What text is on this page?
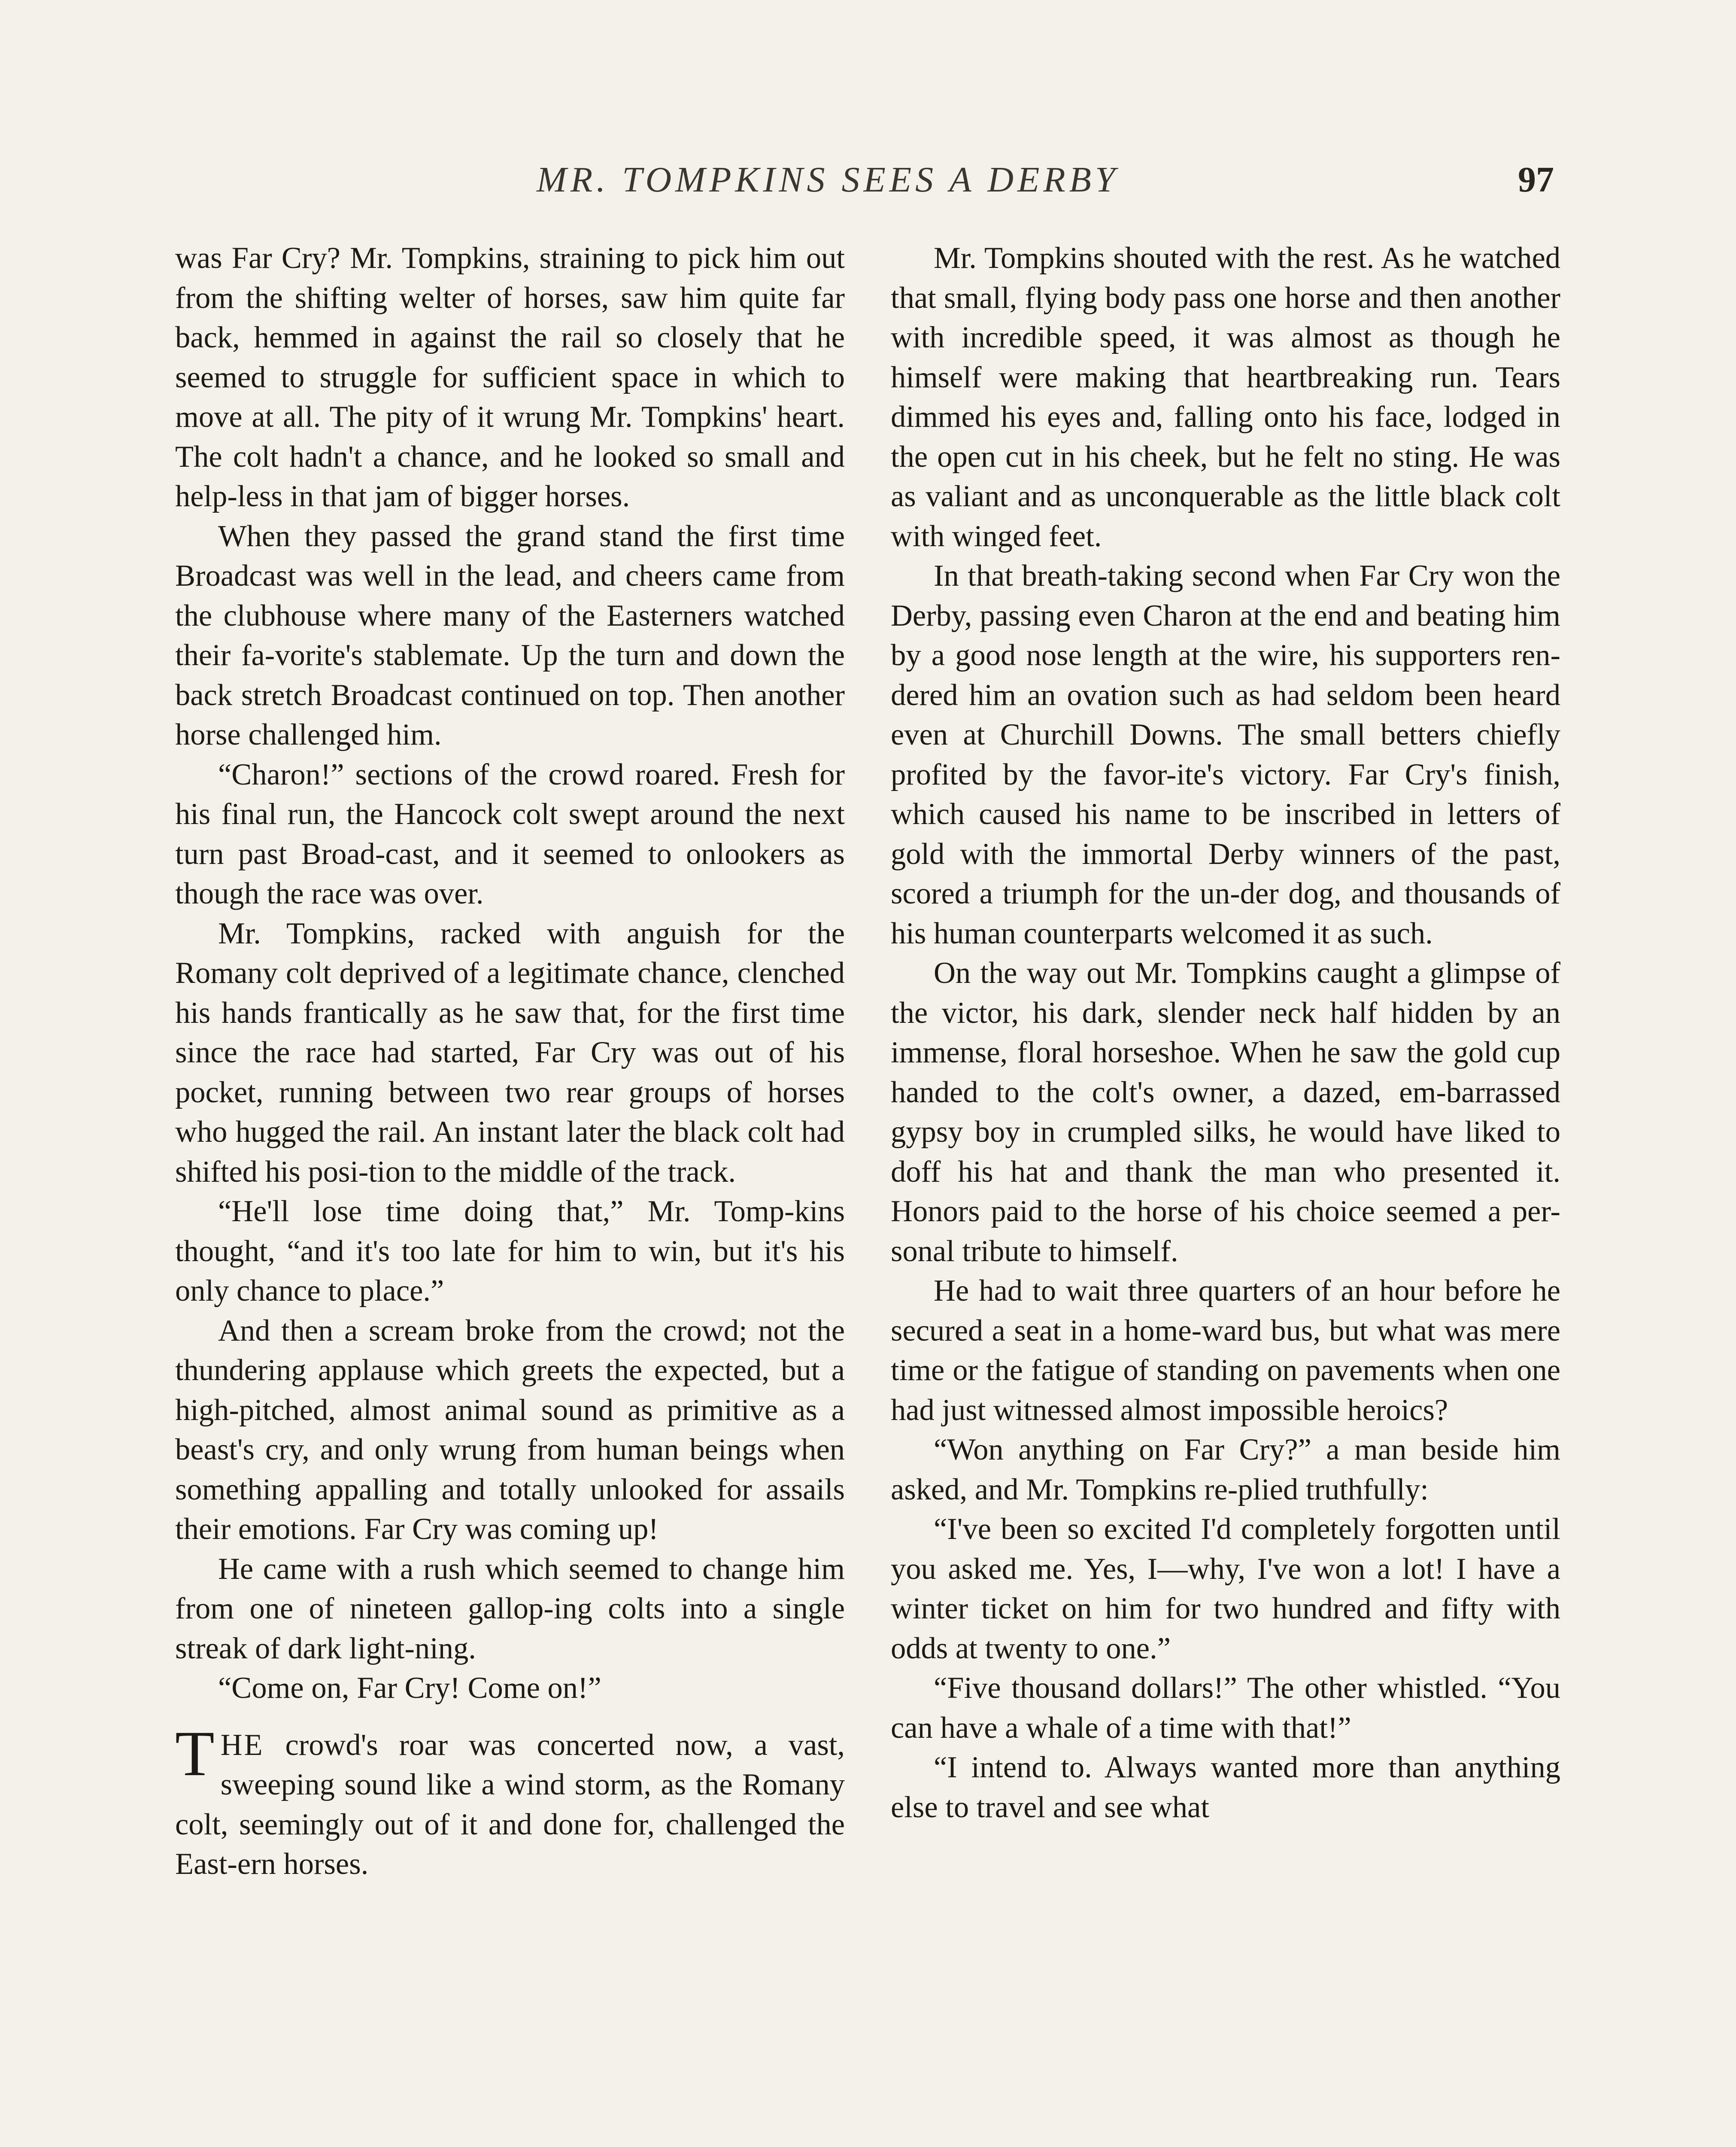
MR. TOMPKINS SEES A DERBY	97

was Far Cry? Mr. Tompkins, straining to pick him out from the shifting welter of horses, saw him quite far back, hemmed in against the rail so closely that he seemed to struggle for sufficient space in which to move at all. The pity of it wrung Mr. Tompkins' heart. The colt hadn't a chance, and he looked so small and help-less in that jam of bigger horses.

When they passed the grand stand the first time Broadcast was well in the lead, and cheers came from the clubhouse where many of the Easterners watched their fa-vorite's stablemate. Up the turn and down the back stretch Broadcast continued on top. Then another horse challenged him.

“Charon!” sections of the crowd roared. Fresh for his final run, the Hancock colt swept around the next turn past Broad-cast, and it seemed to onlookers as though the race was over.

Mr. Tompkins, racked with anguish for the Romany colt deprived of a legitimate chance, clenched his hands frantically as he saw that, for the first time since the race had started, Far Cry was out of his pocket, running between two rear groups of horses who hugged the rail. An instant later the black colt had shifted his posi-tion to the middle of the track.

“He'll lose time doing that,” Mr. Tomp-kins thought, “and it's too late for him to win, but it's his only chance to place.”

And then a scream broke from the crowd; not the thundering applause which greets the expected, but a high-pitched, almost animal sound as primitive as a beast's cry, and only wrung from human beings when something appalling and totally unlooked for assails their emotions. Far Cry was coming up!

He came with a rush which seemed to change him from one of nineteen gallop-ing colts into a single streak of dark light-ning.

“Come on, Far Cry! Come on!”

THE crowd's roar was concerted now, a vast, sweeping sound like a wind storm, as the Romany colt, seemingly out of it and done for, challenged the East-ern horses.

Mr. Tompkins shouted with the rest. As he watched that small, flying body pass one horse and then another with incredible speed, it was almost as though he himself were making that heartbreaking run. Tears dimmed his eyes and, falling onto his face, lodged in the open cut in his cheek, but he felt no sting. He was as valiant and as unconquerable as the little black colt with winged feet.

In that breath-taking second when Far Cry won the Derby, passing even Charon at the end and beating him by a good nose length at the wire, his supporters ren-dered him an ovation such as had seldom been heard even at Churchill Downs. The small betters chiefly profited by the favor-ite's victory. Far Cry's finish, which caused his name to be inscribed in letters of gold with the immortal Derby winners of the past, scored a triumph for the un-der dog, and thousands of his human counterparts welcomed it as such.

On the way out Mr. Tompkins caught a glimpse of the victor, his dark, slender neck half hidden by an immense, floral horseshoe. When he saw the gold cup handed to the colt's owner, a dazed, em-barrassed gypsy boy in crumpled silks, he would have liked to doff his hat and thank the man who presented it. Honors paid to the horse of his choice seemed a per-sonal tribute to himself.

He had to wait three quarters of an hour before he secured a seat in a home-ward bus, but what was mere time or the fatigue of standing on pavements when one had just witnessed almost impossible heroics?

“Won anything on Far Cry?” a man beside him asked, and Mr. Tompkins re-plied truthfully:

“I've been so excited I'd completely forgotten until you asked me. Yes, I—why, I've won a lot! I have a winter ticket on him for two hundred and fifty with odds at twenty to one.”

“Five thousand dollars!” The other whistled. “You can have a whale of a time with that!”

“I intend to. Always wanted more than anything else to travel and see what
